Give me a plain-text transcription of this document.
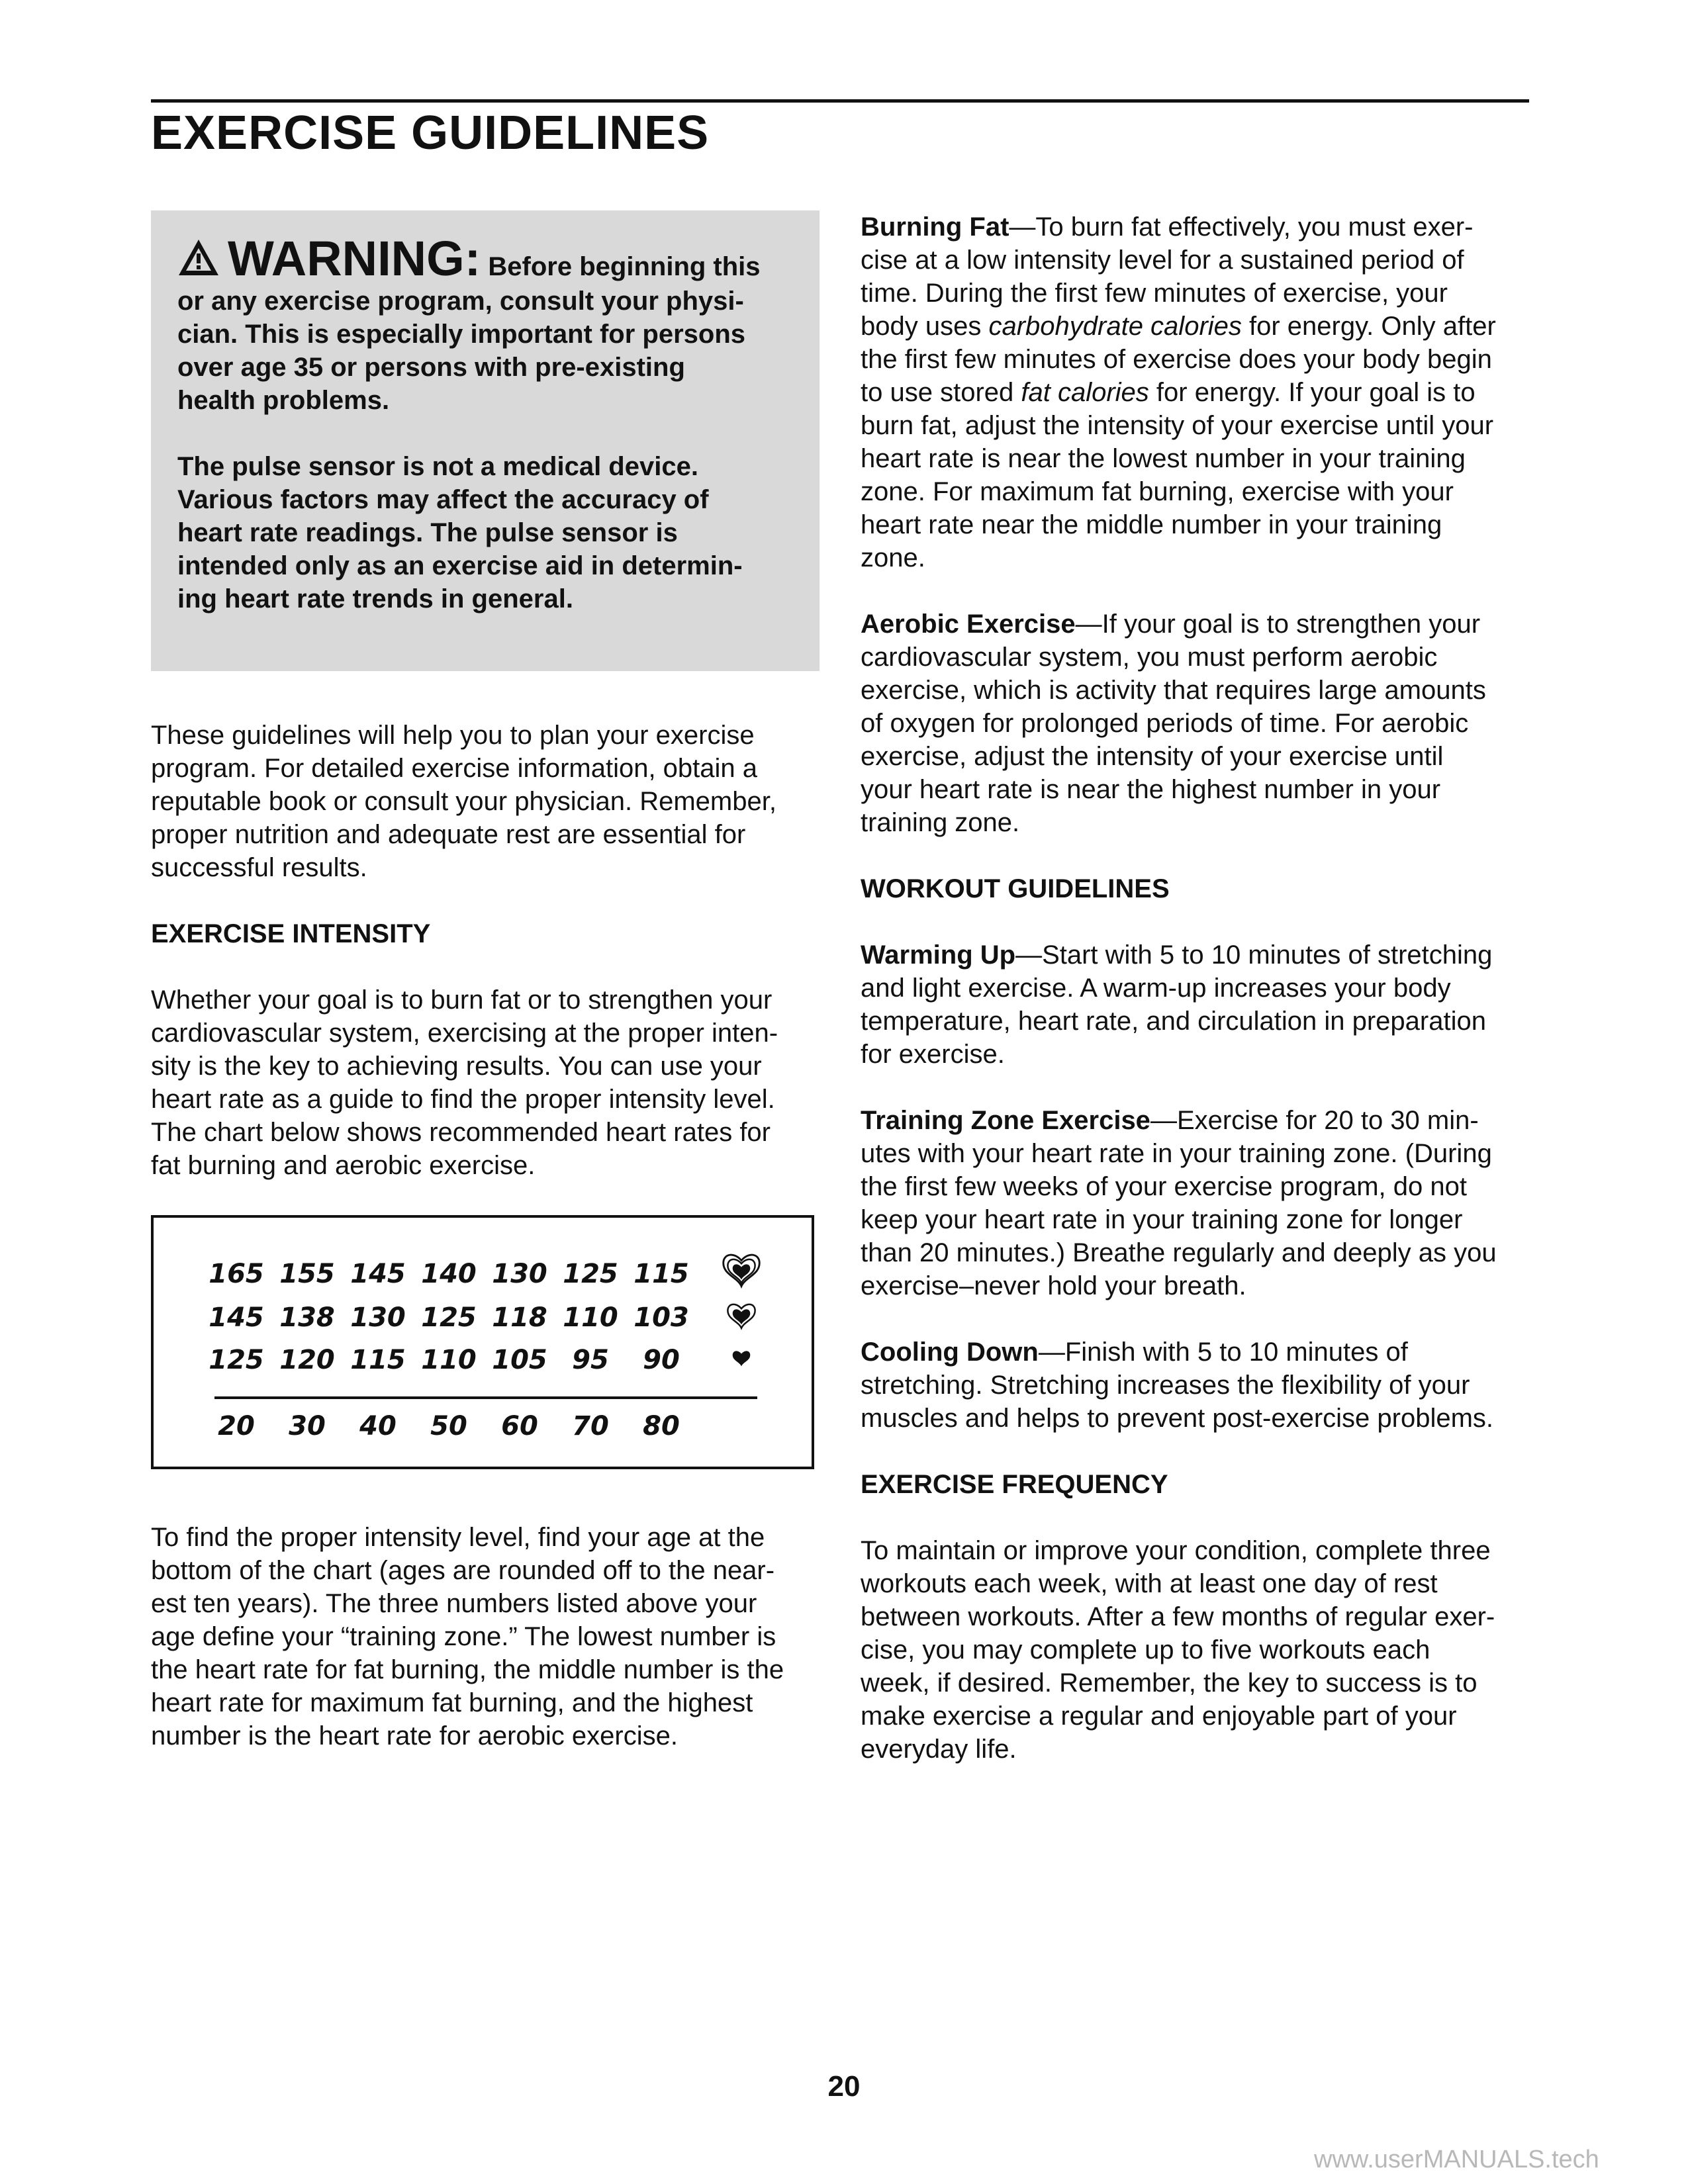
EXERCISE GUIDELINES

WARNING: Before beginning this
or any exercise program, consult your physi-
cian. This is especially important for persons
over age 35 or persons with pre-existing
health problems.

The pulse sensor is not a medical device.
Various factors may affect the accuracy of
heart rate readings. The pulse sensor is
intended only as an exercise aid in determin-
ing heart rate trends in general.

These guidelines will help you to plan your exercise
program. For detailed exercise information, obtain a
reputable book or consult your physician. Remember,
proper nutrition and adequate rest are essential for
successful results.

EXERCISE INTENSITY

Whether your goal is to burn fat or to strengthen your
cardiovascular system, exercising at the proper inten-
sity is the key to achieving results. You can use your
heart rate as a guide to find the proper intensity level.
The chart below shows recommended heart rates for
fat burning and aerobic exercise.

165 155 145 140 130 125 115
145 138 130 125 118 110 103
125 120 115 110 105 95 90
20 30 40 50 60 70 80

To find the proper intensity level, find your age at the
bottom of the chart (ages are rounded off to the near-
est ten years). The three numbers listed above your
age define your “training zone.” The lowest number is
the heart rate for fat burning, the middle number is the
heart rate for maximum fat burning, and the highest
number is the heart rate for aerobic exercise.

Burning Fat—To burn fat effectively, you must exer-
cise at a low intensity level for a sustained period of
time. During the first few minutes of exercise, your
body uses carbohydrate calories for energy. Only after
the first few minutes of exercise does your body begin
to use stored fat calories for energy. If your goal is to
burn fat, adjust the intensity of your exercise until your
heart rate is near the lowest number in your training
zone. For maximum fat burning, exercise with your
heart rate near the middle number in your training
zone.

Aerobic Exercise—If your goal is to strengthen your
cardiovascular system, you must perform aerobic
exercise, which is activity that requires large amounts
of oxygen for prolonged periods of time. For aerobic
exercise, adjust the intensity of your exercise until
your heart rate is near the highest number in your
training zone.

WORKOUT GUIDELINES

Warming Up—Start with 5 to 10 minutes of stretching
and light exercise. A warm-up increases your body
temperature, heart rate, and circulation in preparation
for exercise.

Training Zone Exercise—Exercise for 20 to 30 min-
utes with your heart rate in your training zone. (During
the first few weeks of your exercise program, do not
keep your heart rate in your training zone for longer
than 20 minutes.) Breathe regularly and deeply as you
exercise–never hold your breath.

Cooling Down—Finish with 5 to 10 minutes of
stretching. Stretching increases the flexibility of your
muscles and helps to prevent post-exercise problems.

EXERCISE FREQUENCY

To maintain or improve your condition, complete three
workouts each week, with at least one day of rest
between workouts. After a few months of regular exer-
cise, you may complete up to five workouts each
week, if desired. Remember, the key to success is to
make exercise a regular and enjoyable part of your
everyday life.

20
www.userMANUALS.tech
